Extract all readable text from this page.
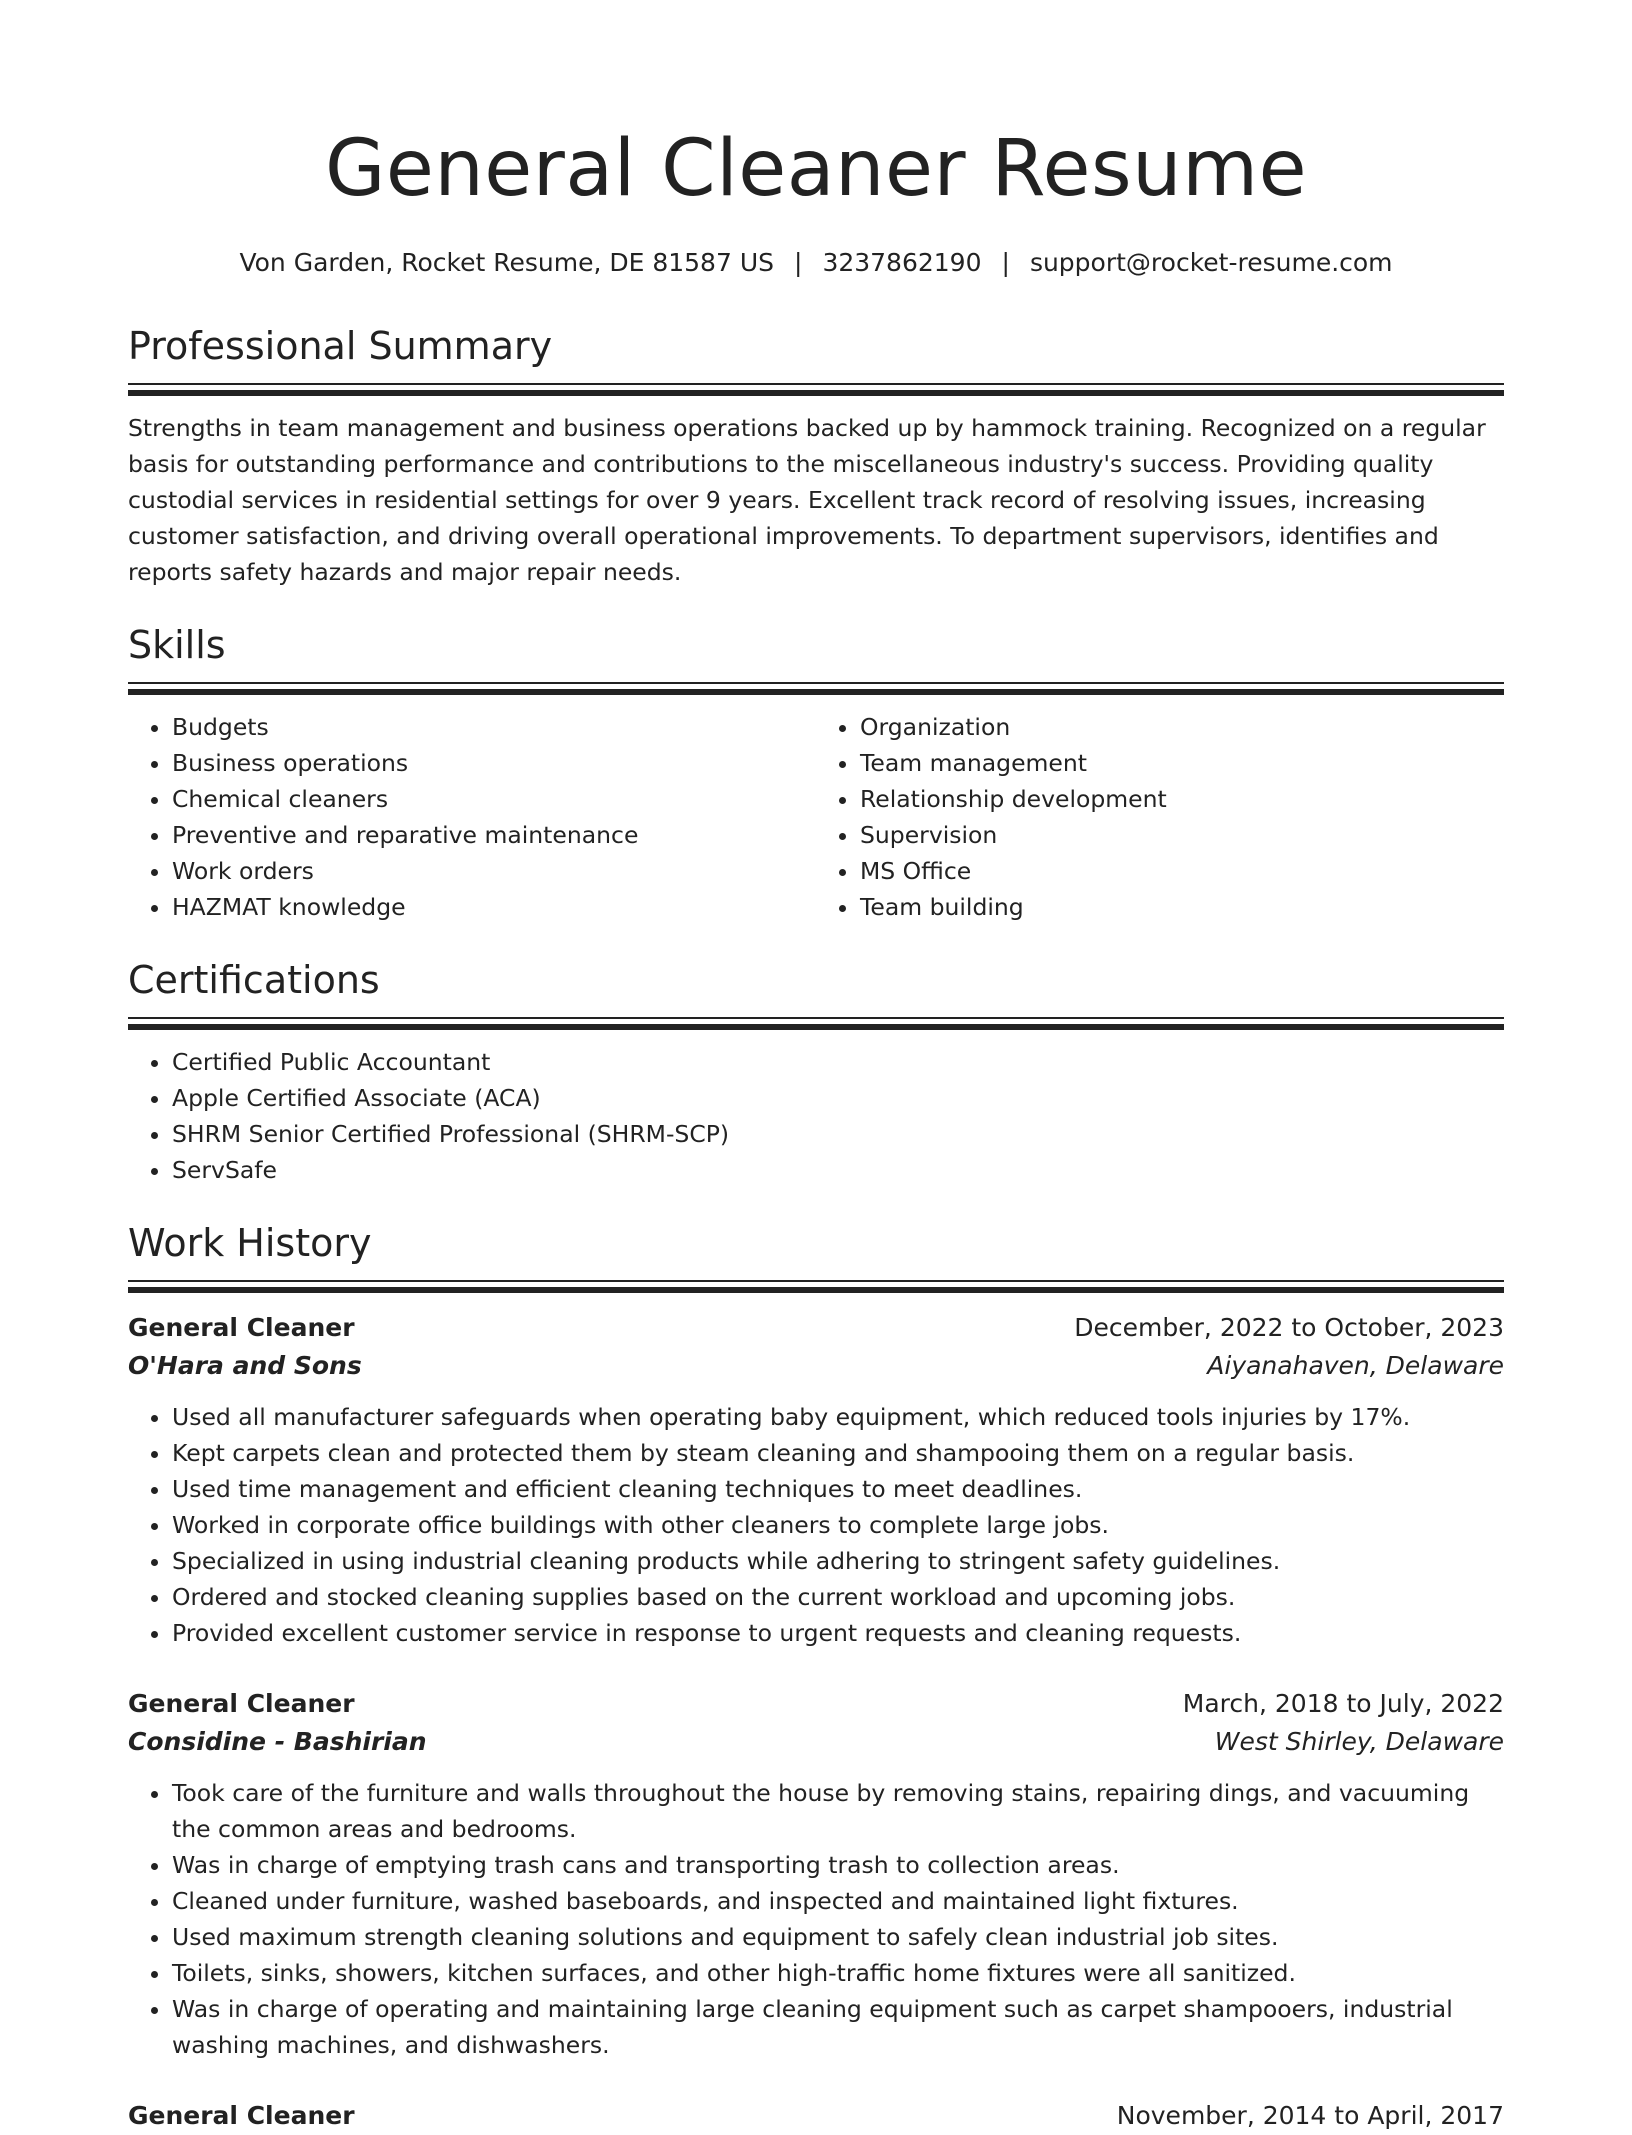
General Cleaner Resume
Von Garden, Rocket Resume, DE 81587 US | 3237862190 | support@rocket-resume.com
Professional Summary
Strengths in team management and business operations backed up by hammock training. Recognized on a regular basis for outstanding performance and contributions to the miscellaneous industry's success. Providing quality custodial services in residential settings for over 9 years. Excellent track record of resolving issues, increasing customer satisfaction, and driving overall operational improvements. To department supervisors, identifies and reports safety hazards and major repair needs.
Skills
• Budgets
• Business operations
• Chemical cleaners
• Preventive and reparative maintenance
• Work orders
• HAZMAT knowledge
• Organization
• Team management
• Relationship development
• Supervision
• MS Office
• Team building
Certifications
• Certified Public Accountant
• Apple Certified Associate (ACA)
• SHRM Senior Certified Professional (SHRM-SCP)
• ServSafe
Work History
General Cleaner	December, 2022 to October, 2023
O'Hara and Sons	Aiyanahaven, Delaware
• Used all manufacturer safeguards when operating baby equipment, which reduced tools injuries by 17%.
• Kept carpets clean and protected them by steam cleaning and shampooing them on a regular basis.
• Used time management and efficient cleaning techniques to meet deadlines.
• Worked in corporate office buildings with other cleaners to complete large jobs.
• Specialized in using industrial cleaning products while adhering to stringent safety guidelines.
• Ordered and stocked cleaning supplies based on the current workload and upcoming jobs.
• Provided excellent customer service in response to urgent requests and cleaning requests.
General Cleaner	March, 2018 to July, 2022
Considine - Bashirian	West Shirley, Delaware
• Took care of the furniture and walls throughout the house by removing stains, repairing dings, and vacuuming the common areas and bedrooms.
• Was in charge of emptying trash cans and transporting trash to collection areas.
• Cleaned under furniture, washed baseboards, and inspected and maintained light fixtures.
• Used maximum strength cleaning solutions and equipment to safely clean industrial job sites.
• Toilets, sinks, showers, kitchen surfaces, and other high-traffic home fixtures were all sanitized.
• Was in charge of operating and maintaining large cleaning equipment such as carpet shampooers, industrial washing machines, and dishwashers.
General Cleaner	November, 2014 to April, 2017
